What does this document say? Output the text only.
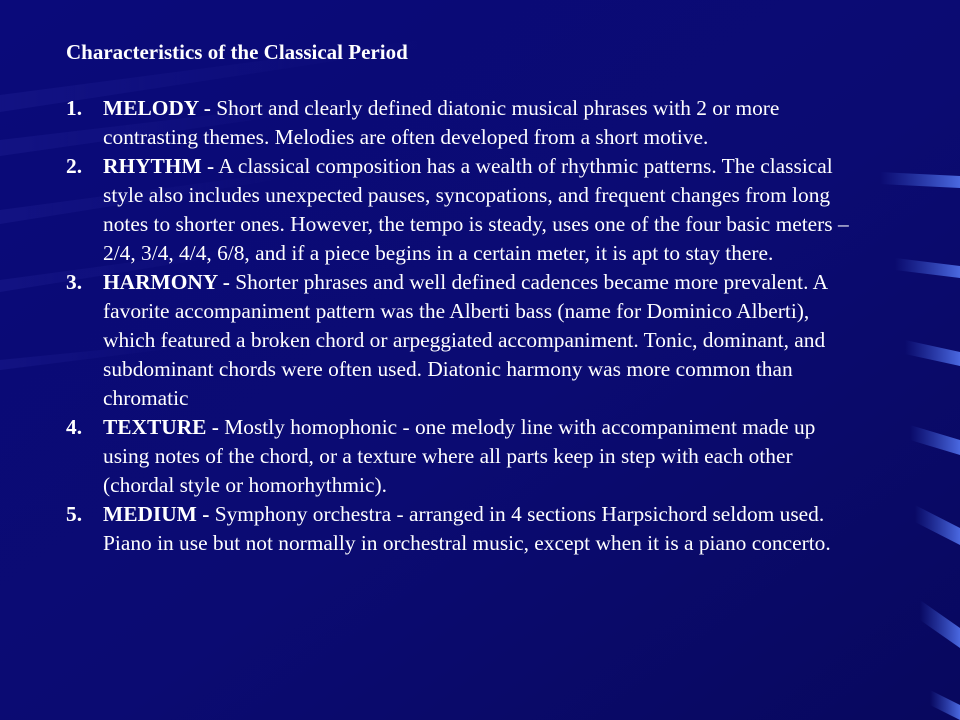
Characteristics of the Classical Period
1. MELODY - Short and clearly defined diatonic musical phrases with 2 or more contrasting themes. Melodies are often developed from a short motive.
2. RHYTHM - A classical composition has a wealth of rhythmic patterns. The classical style also includes unexpected pauses, syncopations, and frequent changes from long notes to shorter ones. However, the tempo is steady, uses one of the four basic meters – 2/4, 3/4, 4/4, 6/8, and if a piece begins in a certain meter, it is apt to stay there.
3. HARMONY - Shorter phrases and well defined cadences became more prevalent. A favorite accompaniment pattern was the Alberti bass (name for Dominico Alberti), which featured a broken chord or arpeggiated accompaniment. Tonic, dominant, and subdominant chords were often used. Diatonic harmony was more common than chromatic
4. TEXTURE - Mostly homophonic - one melody line with accompaniment made up using notes of the chord, or a texture where all parts keep in step with each other (chordal style or homorhythmic).
5. MEDIUM - Symphony orchestra - arranged in 4 sections Harpsichord seldom used. Piano in use but not normally in orchestral music, except when it is a piano concerto.
